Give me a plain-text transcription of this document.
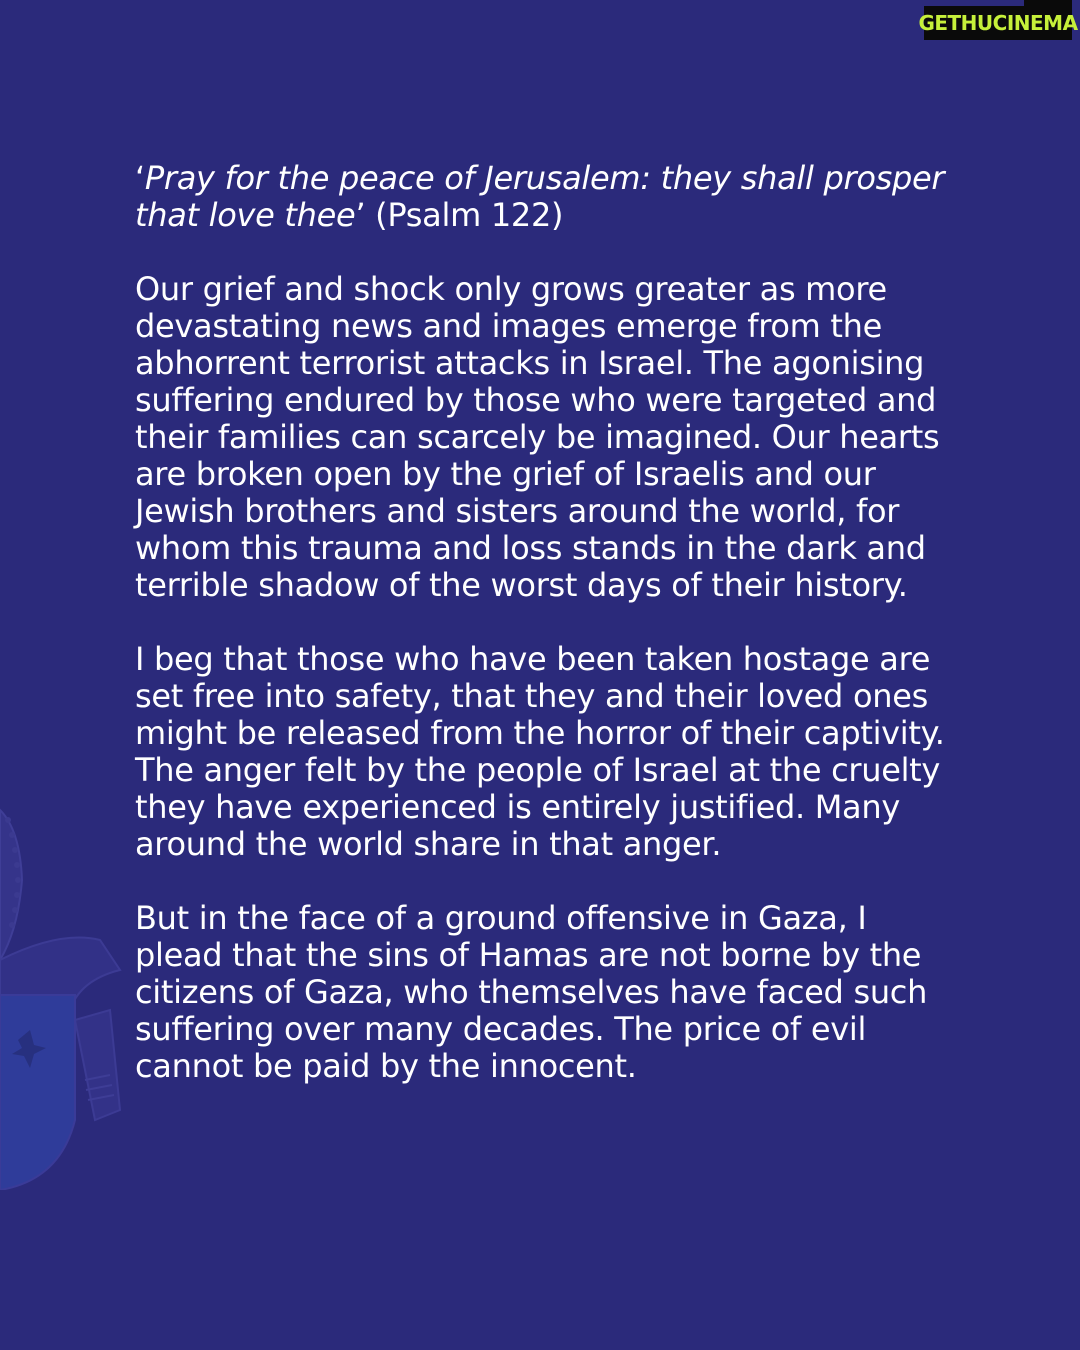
GETHU CINEMA

‘Pray for the peace of Jerusalem: they shall prosper that love thee’ (Psalm 122)

Our grief and shock only grows greater as more devastating news and images emerge from the abhorrent terrorist attacks in Israel. The agonising suffering endured by those who were targeted and their families can scarcely be imagined. Our hearts are broken open by the grief of Israelis and our Jewish brothers and sisters around the world, for whom this trauma and loss stands in the dark and terrible shadow of the worst days of their history.

I beg that those who have been taken hostage are set free into safety, that they and their loved ones might be released from the horror of their captivity. The anger felt by the people of Israel at the cruelty they have experienced is entirely justified. Many around the world share in that anger.

But in the face of a ground offensive in Gaza, I plead that the sins of Hamas are not borne by the citizens of Gaza, who themselves have faced such suffering over many decades. The price of evil cannot be paid by the innocent.
